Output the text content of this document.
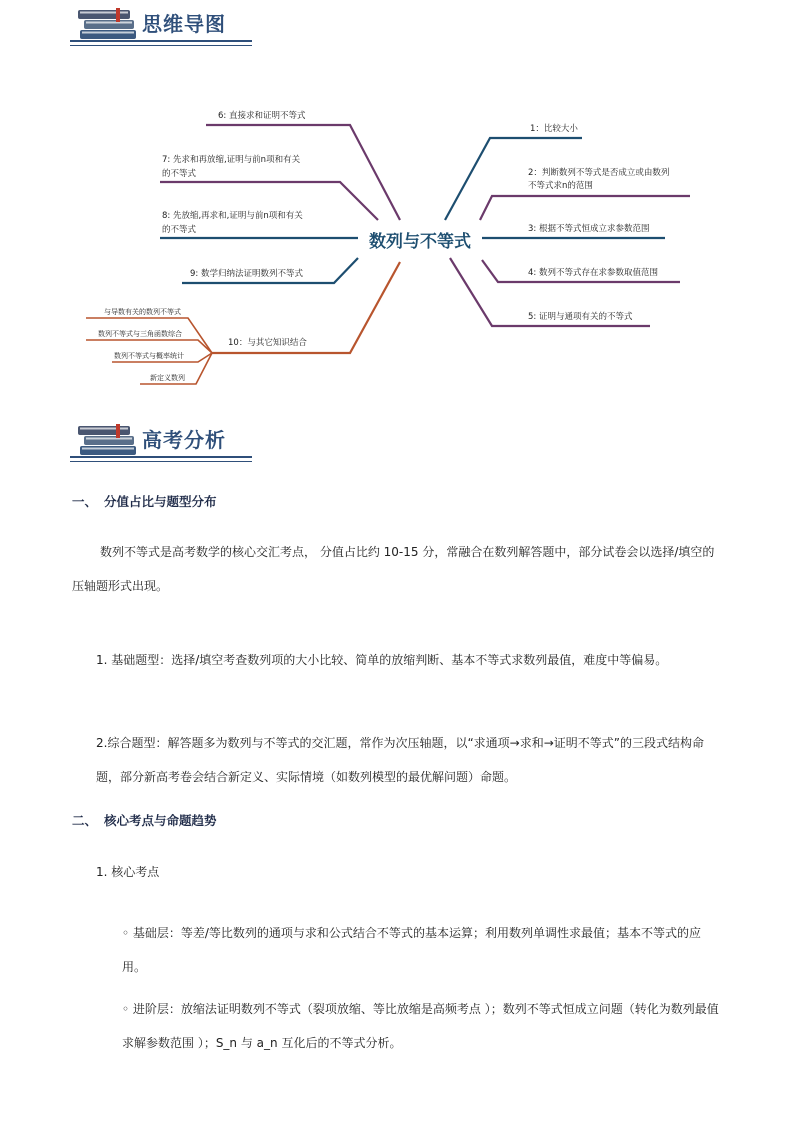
思维导图
数列与不等式
6: 直接求和证明不等式
7: 先求和再放缩,证明与前n项和有关
的不等式
8: 先放缩,再求和,证明与前n项和有关
的不等式
9: 数学归纳法证明数列不等式
10：与其它知识结合
1：比较大小
2：判断数列不等式是否成立或由数列
不等式求n的范围
3: 根据不等式恒成立求参数范围
4: 数列不等式存在求参数取值范围
5: 证明与通项有关的不等式
与导数有关的数列不等式
数列不等式与三角函数综合
数列不等式与概率统计
新定义数列
高考分析
一、 分值占比与题型分布
数列不等式是高考数学的核心交汇考点， 分值占比约 10-15 分，常融合在数列解答题中，部分试卷会以选择/填空的压轴题形式出现。
1. 基础题型：选择/填空考查数列项的大小比较、简单的放缩判断、基本不等式求数列最值，难度中等偏易。
2.综合题型：解答题多为数列与不等式的交汇题，常作为次压轴题，以“求通项→求和→证明不等式”的三段式结构命题，部分新高考卷会结合新定义、实际情境（如数列模型的最优解问题）命题。
二、 核心考点与命题趋势
1. 核心考点
◦ 基础层：等差/等比数列的通项与求和公式结合不等式的基本运算；利用数列单调性求最值；基本不等式的应用。
◦ 进阶层：放缩法证明数列不等式（裂项放缩、等比放缩是高频考点 ）；数列不等式恒成立问题（转化为数列最值求解参数范围 ）；S_n 与 a_n 互化后的不等式分析。
